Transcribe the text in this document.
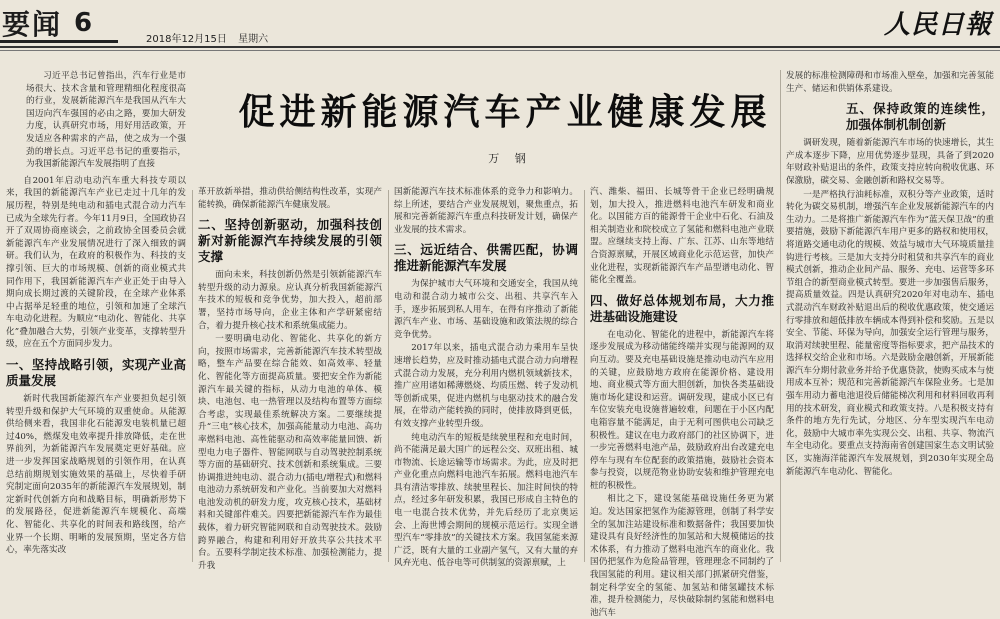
要闻 6
2018年12月15日 星期六	人民日報

习近平总书记曾指出，汽车行业是市场很大、技术含量和管理精细化程度很高的行业，发展新能源汽车是我国从汽车大国迈向汽车强国的必由之路，要加大研发力度，认真研究市场，用好用活政策，开发适应各种需求的产品，使之成为一个强劲的增长点。习近平总书记的重要指示，为我国新能源汽车发展指明了直接

自2001年启动电动汽车重大科技专项以来，我国的新能源汽车产业已走过十几年的发展历程，特别是纯电动和插电式混合动力汽车已成为全球先行者。今年11月9日，全国政协召开了双周协商座谈会，之前政协全国委员会就新能源汽车产业发展情况进行了深入细致的调研。我们认为，在政府的积极作为、科技的支撑引领、巨大的市场规模、创新的商业模式共同作用下，我国新能源汽车产业正处于由导入期向成长期过渡的关键阶段，在全球产业体系中占据举足轻重的地位，引领和加速了全球汽车电动化进程。为顺应“电动化、智能化、共享化”叠加融合大势，引领产业变革，支撑转型升级，应在五个方面同步发力。

一、坚持战略引领，实现产业高质量发展

新时代我国新能源汽车产业要担负起引领转型升级和保护大气环境的双重使命。从能源供给侧来看，我国非化石能源发电装机量已超过40%，燃煤发电效率提升排放降低，走在世界前列，为新能源汽车发展奠定更好基础。应进一步发挥国家战略规划的引领作用，在认真总结前期规划实施效果的基础上，尽快着手研究制定面向2035年的新能源汽车发展规划，制定新时代创新方向和战略目标，明确新形势下的发展路径，促进新能源汽车规模化、高端化、智能化、共享化的时间表和路线图，给产业界一个长期、明晰的发展预期，坚定各方信心，率先落实改

促进新能源汽车产业健康发展
万 钢

革开放新举措，推动供给侧结构性改革，实现产能转换，确保新能源汽车健康发展。

二、坚持创新驱动，加强科技创新对新能源汽车持续发展的引领支撑

面向未来，科技创新仍然是引领新能源汽车转型升级的动力源泉。应认真分析我国新能源汽车技术的短板和竞争优势，加大投入，超前部署，坚持市场导向，企业主体和产学研紧密结合，着力提升核心技术和系统集成能力。

一要明确电动化、智能化、共享化的新方向，按照市场需求，完善新能源汽车技术转型战略，整车产品要在综合能效、如高效率、轻量化、智能化等方面提高质量。要把安全作为新能源汽车最关键的指标，从动力电池的单体、模块、电池包、电一热管理以及结构布置等方面综合考虑，实现最佳系统解决方案。二要继续提升“三电”核心技术，加强高能量动力电池、高功率燃料电池、高性能驱动和高效率能量回馈、新型电力电子器件、智能网联与自动驾驶控制系统等方面的基础研究、技术创新和系统集成。三要协调推进纯电动、混合动力(插电/增程式)和燃料电池动力系统研发和产业化。当前要加大对燃料电池发动机的研发力度，攻克核心技术，基础材料和关键部件难关。四要把新能源汽车作为最佳载体，着力研究智能网联和自动驾驶技术。鼓励跨界融合，构建和利用好开放共享公共技术平台。五要科学制定技术标准、加强检测能力，提升我

国新能源汽车技术标准体系的竞争力和影响力。综上所述，要结合产业发展规划，聚焦重点，拓展和完善新能源汽车重点科技研发计划，确保产业发展的技术需求。

三、远近结合、供需匹配，协调推进新能源汽车发展

为保护城市大气环境和交通安全，我国从纯电动和混合动力城市公交、出租、共享汽车入手，逐步拓展到私人用车，在得有序推动了新能源汽车产业、市场、基础设施和政策法规的综合竞争优势。

2017年以来，插电式混合动力乘用车呈快速增长趋势，应及时推动插电式混合动力向增程式混合动力发展，充分利用内燃机领域新技术，推广应用诸如稀薄燃烧、均质压燃、转子发动机等创新成果，促进内燃机与电驱动技术的融合发展，在带动产能转换的同时，使排放降到更低，有效支撑产业转型升级。

纯电动汽车的短板是续驶里程和充电时间，尚不能满足最大国广的远程公交、双班出租、城市物流、长途运输等市场需求。为此，应及时把产业化重点向燃料电池汽车拓展。燃料电池汽车具有清洁零排放、续驶里程长、加注时间快的特点，经过多年研发积累，我国已形成自主特色的电一电混合技术优势，并先后经历了北京奥运会、上海世博会期间的规模示范运行。实现全谱型汽车“零排放”的关键技术方案。我国氢能来源广泛，既有大量的工业副产氢气，又有大量的弃风弃光电、低谷电等可供制氢的资源禀赋，上

汽、潍柴、福田、长城等骨干企业已经明确规划，加大投入，推进燃料电池汽车研发和商业化。以国能方百的能源骨干企业中石化、石油及相关制造业和院校成立了氢能和燃料电池产业联盟。应继续支持上海、广东、江苏、山东等地结合资源禀赋，开展区域商业化示范运营，加快产业化进程，实现新能源汽车产品型谱电动化、智能化全覆盖。

四、做好总体规划布局，大力推进基础设施建设

在电动化、智能化的进程中，新能源汽车将逐步发展成为移动储能终端并实现与能源网的双向互动。要及充电基础设施是推动电动汽车应用的关键，应鼓励地方政府在能源价格、建设用地、商业模式等方面大胆创新，加快各类基础设施市场化建设和运营。调研发现，建成小区已有车位安装充电设施普遍较难，问题在于小区内配电箱容量不能满足，由于无利可图供电公司缺乏积极性。建议在电力政府部门的社区协调下，进一步完善燃料电池产品，鼓励政府出台改建充电停车与现有车位配套的政策措施，鼓励社会资本参与投资，以规范物业协助安装和维护管理充电桩的积极性。

相比之下，建设氢能基础设施任务更为紧迫。发达国家把氢作为能源管理，创制了科学安全的氢加注站建设标准和数据备件；我国要加快建设具有良好经济性的加氢站和大规模储运的技术体系，有力推动了燃料电池汽车的商业化。我国仍把氢作为危险品管理，管理理念不同制约了我国氢能的利用。建议相关部门抓紧研究借鉴，制定科学安全的氢能、加氢站和储氢罐技术标准，提升检测能力，尽快破除制约氢能和燃料电池汽车

发展的标准检测障碍和市场准入壁垒，加强和完善氢能生产、储运和供销体系建设。

五、保持政策的连续性，加强体制机制创新

调研发现，随着新能源汽车市场的快速增长，其生产成本逐步下降，应用优势逐步显现，具备了到2020年财政补贴退出的条件，政策支持应转向税收优惠、环保激励，碳交易、金融创新和路权交易等。

一是严格执行油耗标准，双积分等产业政策，适时转化为碳交易机制，增强汽车企业发展新能源汽车的内生动力。二是将推广新能源汽车作为“蓝天保卫战”的重要措施，鼓励下新能源汽车用户更多的路权和使用权，将道路交通电动化的规模、效益与城市大气环境质量挂钩进行考核。三是加大支持分时租赁和共享汽车的商业模式创新，推动企业间产品、服务、充电、运营等多环节组合的新型商业模式转型。要进一步加强售后服务，提高质量效益。四是认真研究2020年对电动车、插电式混动汽车财政补贴退出后的税收优惠政策，使交通运行零排放和超低排放车辆成本得到补偿和奖励。五是以安全、节能、环保为导向，加强安全运行管理与服务，取消对续驶里程、能量密度等指标要求，把产品技术的选择权交给企业和市场。六是鼓励金融创新，开展新能源汽车分期付款业务并给予优惠贷款，使购买成本与使用成本互补；规范和完善新能源汽车保险业务。七是加强车用动力蓄电池退役后储能梯次利用和材料回收再利用的技术研发，商业模式和政策支持。八是积极支持有条件的地方先行先试，分地区、分车型实现汽车电动化，鼓励中大城市率先实现公交、出租、共享、物流汽车全电动化。要重点支持海南省创建国家生态文明试验区，实施海洋能源汽车发展规划，到2030年实现全岛新能源汽车电动化、智能化。
